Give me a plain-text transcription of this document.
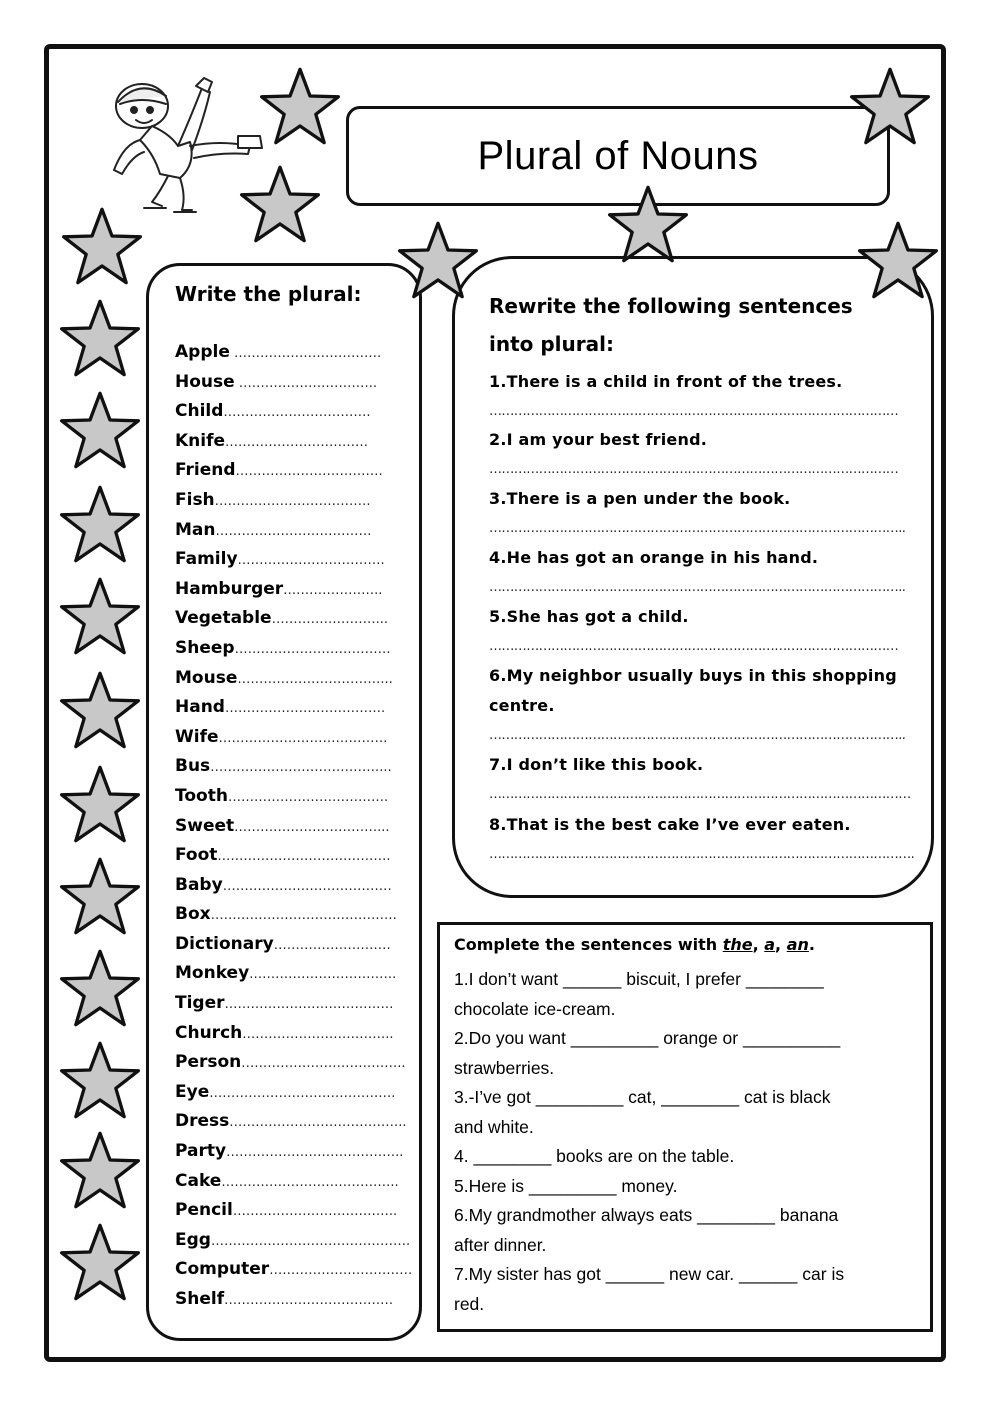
Plural of Nouns
Write the plural:
Apple …………………………….
House …………………………..
Child…………………………….
Knife……………………………
Friend…………………………….
Fish………………………………
Man………………………………
Family…………………………….
Hamburger…………………..
Vegetable……………………...
Sheep………………………………
Mouse……………………………...
Hand……………………………….
Wife…………………………………
Bus…………………………………...
Tooth……………………………….
Sweet……………………………...
Foot………………………………….
Baby…………………………………
Box…………………………………….
Dictionary………………………
Monkey…………………………….
Tiger…………………………………
Church……………………………..
Person………………………………..
Eye…………………………………….
Dress…………………………………..
Party…………………………………..
Cake…………………………………..
Pencil………………………………..
Egg……………………………………….
Computer……………………………
Shelf…………………………………
Rewrite the following sentences into plural:
1.There is a child in front of the trees.
………………………………………………………………………………………
2.I am your best friend.
………………………………………………………………………………………
3.There is a pen under the book.
………………………………………………………………………………………..
4.He has got an orange in his hand.
………………………………………………………………………………………..
5.She has got a child.
………………………………………………………………………………………
6.My neighbor usually buys in this shopping centre.
………………………………………………………………………………………..
7.I don’t like this book.
…………………………………………………………………………………………
8.That is the best cake I’ve ever eaten.
………………………………………………………………………………………….
Complete the sentences with the, a, an.

1.I don’t want ______ biscuit, I prefer ________

chocolate ice-cream.

2.Do you want _________ orange or __________

strawberries.

3.-I’ve got _________ cat, ________ cat is black

and white.

4. ________ books are on the table.

5.Here is _________ money.

6.My grandmother always eats ________ banana

after dinner.

7.My sister has got ______ new car. ______ car is

red.
